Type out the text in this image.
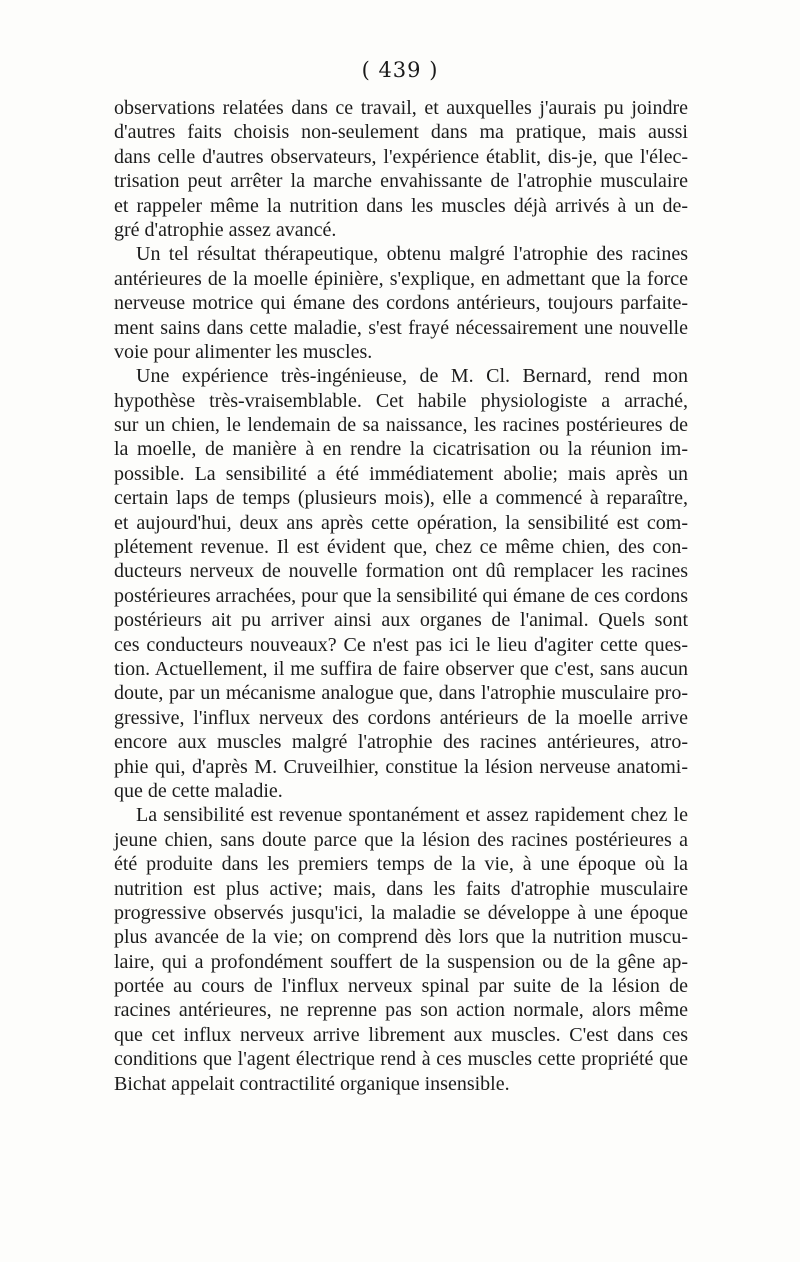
( 439 )
observations relatées dans ce travail, et auxquelles j'aurais pu joindre
d'autres faits choisis non-seulement dans ma pratique, mais aussi
dans celle d'autres observateurs, l'expérience établit, dis-je, que l'élec-
trisation peut arrêter la marche envahissante de l'atrophie musculaire
et rappeler même la nutrition dans les muscles déjà arrivés à un de-
gré d'atrophie assez avancé.
Un tel résultat thérapeutique, obtenu malgré l'atrophie des racines
antérieures de la moelle épinière, s'explique, en admettant que la force
nerveuse motrice qui émane des cordons antérieurs, toujours parfaite-
ment sains dans cette maladie, s'est frayé nécessairement une nouvelle
voie pour alimenter les muscles.
Une expérience très-ingénieuse, de M. Cl. Bernard, rend mon
hypothèse très-vraisemblable. Cet habile physiologiste a arraché,
sur un chien, le lendemain de sa naissance, les racines postérieures de
la moelle, de manière à en rendre la cicatrisation ou la réunion im-
possible. La sensibilité a été immédiatement abolie; mais après un
certain laps de temps (plusieurs mois), elle a commencé à reparaître,
et aujourd'hui, deux ans après cette opération, la sensibilité est com-
plétement revenue. Il est évident que, chez ce même chien, des con-
ducteurs nerveux de nouvelle formation ont dû remplacer les racines
postérieures arrachées, pour que la sensibilité qui émane de ces cordons
postérieurs ait pu arriver ainsi aux organes de l'animal. Quels sont
ces conducteurs nouveaux? Ce n'est pas ici le lieu d'agiter cette ques-
tion. Actuellement, il me suffira de faire observer que c'est, sans aucun
doute, par un mécanisme analogue que, dans l'atrophie musculaire pro-
gressive, l'influx nerveux des cordons antérieurs de la moelle arrive
encore aux muscles malgré l'atrophie des racines antérieures, atro-
phie qui, d'après M. Cruveilhier, constitue la lésion nerveuse anatomi-
que de cette maladie.
La sensibilité est revenue spontanément et assez rapidement chez le
jeune chien, sans doute parce que la lésion des racines postérieures a
été produite dans les premiers temps de la vie, à une époque où la
nutrition est plus active; mais, dans les faits d'atrophie musculaire
progressive observés jusqu'ici, la maladie se développe à une époque
plus avancée de la vie; on comprend dès lors que la nutrition muscu-
laire, qui a profondément souffert de la suspension ou de la gêne ap-
portée au cours de l'influx nerveux spinal par suite de la lésion de
racines antérieures, ne reprenne pas son action normale, alors même
que cet influx nerveux arrive librement aux muscles. C'est dans ces
conditions que l'agent électrique rend à ces muscles cette propriété que
Bichat appelait contractilité organique insensible.
